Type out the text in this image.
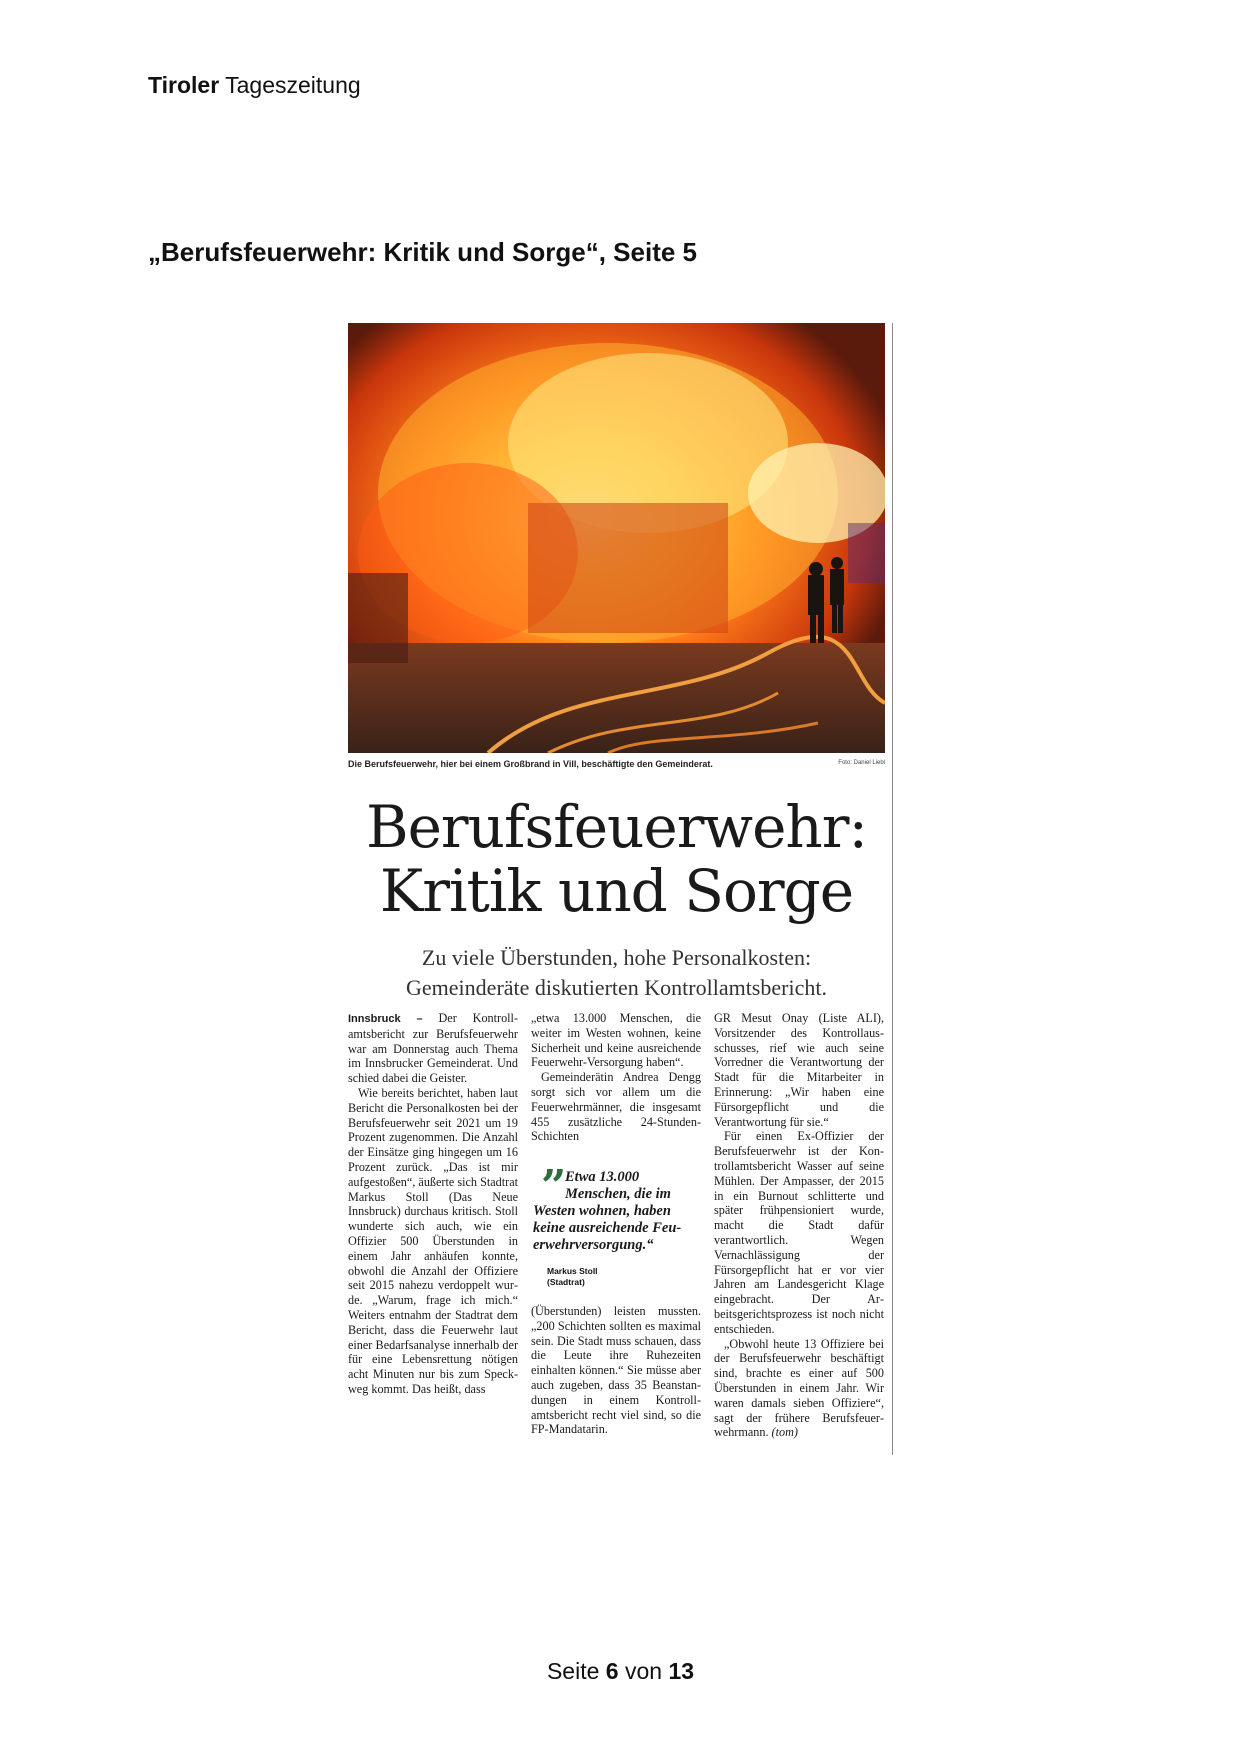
Tiroler Tageszeitung
„Berufsfeuerwehr: Kritik und Sorge“, Seite 5
Die Berufsfeuerwehr, hier bei einem Großbrand in Vill, beschäftigte den Gemeinderat.	Foto: Daniel Liebl
Berufsfeuerwehr:
Kritik und Sorge
Zu viele Überstunden, hohe Personalkosten:
Gemeinderäte diskutierten Kontrollamtsbericht.

Innsbruck – Der Kontrollamtsbericht zur Berufsfeuerwehr war am Donnerstag auch Thema im Innsbrucker Gemeinderat. Und schied dabei die Geister.

Wie bereits berichtet, haben laut Bericht die Personalkosten bei der Berufsfeuerwehr seit 2021 um 19 Prozent zugenommen. Die Anzahl der Einsätze ging hingegen um 16 Prozent zurück. „Das ist mir aufgestoßen“, äußerte sich Stadtrat Markus Stoll (Das Neue Innsbruck) durchaus kritisch. Stoll wunderte sich auch, wie ein Offizier 500 Überstunden in einem Jahr anhäufen konnte, obwohl die Anzahl der Offiziere seit 2015 nahezu verdoppelt wurde. „Warum, frage ich mich.“ Weiters entnahm der Stadtrat dem Bericht, dass die Feuerwehr laut einer Bedarfsanalyse innerhalb der für eine Lebensrettung nötigen acht Minuten nur bis zum Speckweg kommt. Das heißt, dass

„etwa 13.000 Menschen, die weiter im Westen wohnen, keine Sicherheit und keine ausreichende Feuerwehr-Versorgung haben“.

Gemeinderätin Andrea Dengg sorgt sich vor allem um die Feuerwehrmänner, die insgesamt 455 zusätzliche 24-Stunden-Schichten

”
Etwa 13.000 Menschen, die im
Westen wohnen, haben keine ausreichende Feuerwehrversorgung.“
Markus Stoll
(Stadtrat)

(Überstunden) leisten mussten. „200 Schichten sollten es maximal sein. Die Stadt muss schauen, dass die Leute ihre Ruhezeiten einhalten können.“ Sie müsse aber auch zugeben, dass 35 Beanstandungen in einem Kontrollamtsbericht recht viel sind, so die FP-Mandatarin.

GR Mesut Onay (Liste ALI), Vorsitzender des Kontrollausschusses, rief wie auch seine Vorredner die Verantwortung der Stadt für die Mitarbeiter in Erinnerung: „Wir haben eine Fürsorgepflicht und die Verantwortung für sie.“

Für einen Ex-Offizier der Berufsfeuerwehr ist der Kontrollamtsbericht Wasser auf seine Mühlen. Der Ampasser, der 2015 in ein Burnout schlitterte und später frühpensioniert wurde, macht die Stadt dafür verantwortlich. Wegen Vernachlässigung der Fürsorgepflicht hat er vor vier Jahren am Landesgericht Klage eingebracht. Der Arbeitsgerichtsprozess ist noch nicht entschieden.

„Obwohl heute 13 Offiziere bei der Berufsfeuerwehr beschäftigt sind, brachte es einer auf 500 Überstunden in einem Jahr. Wir waren damals sieben Offiziere“, sagt der frühere Berufsfeuerwehrmann. (tom)

Seite 6 von 13
